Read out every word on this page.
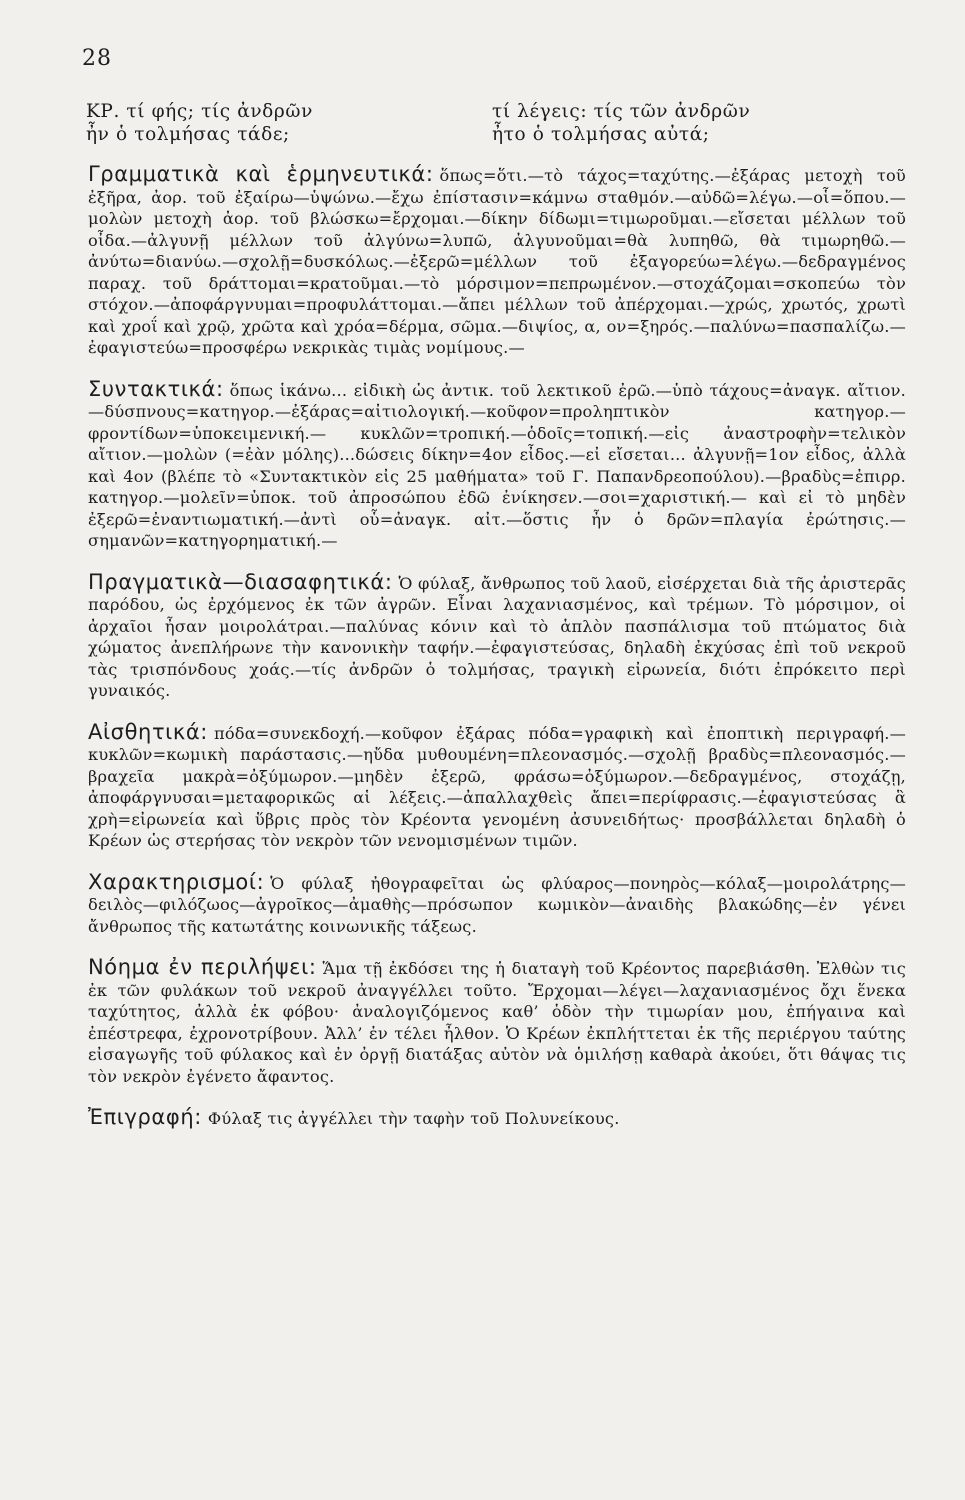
28
ΚΡ. τί φής; τίς ἀνδρῶν
ἦν ὁ τολμήσας τάδε;
τί λέγεις: τίς τῶν ἀνδρῶν
ἦτο ὁ τολμήσας αὐτά;

Γραμματικὰ καὶ ἑρμηνευτικά: ὅπως=ὅτι.—τὸ τάχος=ταχύτης.—ἐξάρας μετοχὴ τοῦ ἐξῆρα, ἀορ. τοῦ ἐξαίρω—ὑψώνω.—ἔχω ἐπίστασιν=κάμνω σταθμόν.—αὐδῶ=λέγω.—οἷ=ὅπου.—μολὼν μετοχὴ ἀορ. τοῦ βλώσκω=ἔρχομαι.—δίκην δίδωμι=τιμωροῦμαι.—εἴσεται μέλλων τοῦ οἶδα.—ἀλγυνῇ μέλλων τοῦ ἀλγύνω=λυπῶ, ἀλγυνοῦμαι=θὰ λυπηθῶ, θὰ τιμωρηθῶ.—ἀνύτω=διανύω.—σχολῇ=δυσκόλως.—ἐξερῶ=μέλλων τοῦ ἐξαγορεύω=λέγω.—δεδραγμένος παραχ. τοῦ δράττομαι=κρατοῦμαι.—τὸ μόρσιμον=πεπρωμένον.—στοχάζομαι=σκοπεύω τὸν στόχον.—ἀποφάργνυμαι=προφυλάττομαι.—ἄπει μέλλων τοῦ ἀπέρχομαι.—χρώς, χρωτός, χρωτὶ καὶ χροΐ καὶ χρῷ, χρῶτα καὶ χρόα=δέρμα, σῶμα.—διψίος, α, ον=ξηρός.—παλύνω=πασπαλίζω.—ἐφαγιστεύω=προσφέρω νεκρικὰς τιμὰς νομίμους.—

Συντακτικά: ὅπως ἱκάνω... εἰδικὴ ὡς ἀντικ. τοῦ λεκτικοῦ ἐρῶ.—ὑπὸ τάχους=ἀναγκ. αἴτιον.—δύσπνους=κατηγορ.—ἐξάρας=αἰτιολογική.—κοῦφον=προληπτικὸν κατηγορ.— φροντίδων=ὑποκειμενική.— κυκλῶν=τροπική.—ὁδοῖς=τοπική.—εἰς ἀναστροφὴν=τελικὸν αἴτιον.—μολὼν (=ἐὰν μόλης)...δώσεις δίκην=4ον εἶδος.—εἰ εἴσεται... ἀλγυνῇ=1ον εἶδος, ἀλλὰ καὶ 4ον (βλέπε τὸ «Συντακτικὸν εἰς 25 μαθήματα» τοῦ Γ. Παπανδρεοπούλου).—βραδὺς=ἐπιρρ. κατηγορ.—μολεῖν=ὑποκ. τοῦ ἀπροσώπου ἐδῶ ἐνίκησεν.—σοι=χαριστική.— καὶ εἰ τὸ μηδὲν ἐξερῶ=ἐναντιωματική.—ἀντὶ οὗ=ἀναγκ. αἰτ.—ὅστις ἦν ὁ δρῶν=πλαγία ἐρώτησις.—σημανῶν=κατηγορηματική.—

Πραγματικὰ—διασαφητικά: Ὁ φύλαξ, ἄνθρωπος τοῦ λαοῦ, εἰσέρχεται διὰ τῆς ἀριστερᾶς παρόδου, ὡς ἐρχόμενος ἐκ τῶν ἀγρῶν. Εἶναι λαχανιασμένος, καὶ τρέμων. Τὸ μόρσιμον, οἱ ἀρχαῖοι ἦσαν μοιρολάτραι.—παλύνας κόνιν καὶ τὸ ἁπλὸν πασπάλισμα τοῦ πτώματος διὰ χώματος ἀνεπλήρωνε τὴν κανονικὴν ταφήν.—ἐφαγιστεύσας, δηλαδὴ ἐκχύσας ἐπὶ τοῦ νεκροῦ τὰς τρισπόνδους χοάς.—τίς ἀνδρῶν ὁ τολμήσας, τραγικὴ εἰρωνεία, διότι ἐπρόκειτο περὶ γυναικός.

Αἰσθητικά: πόδα=συνεκδοχή.—κοῦφον ἐξάρας πόδα=γραφικὴ καὶ ἐποπτικὴ περιγραφή.—κυκλῶν=κωμικὴ παράστασις.—ηὔδα μυθουμένη=πλεονασμός.—σχολῇ βραδὺς=πλεονασμός.—βραχεῖα μακρὰ=ὀξύμωρον.—μηδὲν ἐξερῶ, φράσω=ὀξύμωρον.—δεδραγμένος, στοχάζῃ, ἀποφάργνυσαι=μεταφορικῶς αἱ λέξεις.—ἀπαλλαχθεὶς ἄπει=περίφρασις.—ἐφαγιστεύσας ἃ χρὴ=εἰρωνεία καὶ ὕβρις πρὸς τὸν Κρέοντα γενομένη ἀσυνειδήτως· προσβάλλεται δηλαδὴ ὁ Κρέων ὡς στερήσας τὸν νεκρὸν τῶν νενομισμένων τιμῶν.

Χαρακτηρισμοί: Ὁ φύλαξ ἠθογραφεῖται ὡς φλύαρος—πονηρὸς—κόλαξ—μοιρολάτρης—δειλὸς—φιλόζωος—ἀγροῖκος—ἀμαθὴς—πρόσωπον κωμικὸν—ἀναιδὴς βλακώδης—ἐν γένει ἄνθρωπος τῆς κατωτάτης κοινωνικῆς τάξεως.

Νόημα ἐν περιλήψει: Ἅμα τῇ ἐκδόσει της ἡ διαταγὴ τοῦ Κρέοντος παρεβιάσθη. Ἐλθὼν τις ἐκ τῶν φυλάκων τοῦ νεκροῦ ἀναγγέλλει τοῦτο. Ἔρχομαι—λέγει—λαχανιασμένος ὄχι ἕνεκα ταχύτητος, ἀλλὰ ἐκ φόβου· ἀναλογιζόμενος καθ’ ὁδὸν τὴν τιμωρίαν μου, ἐπήγαινα καὶ ἐπέστρεφα, ἐχρονοτρίβουν. Ἀλλ’ ἐν τέλει ἦλθον. Ὁ Κρέων ἐκπλήττεται ἐκ τῆς περιέργου ταύτης εἰσαγωγῆς τοῦ φύλακος καὶ ἐν ὀργῇ διατάξας αὐτὸν νὰ ὁμιλήσῃ καθαρὰ ἀκούει, ὅτι θάψας τις τὸν νεκρὸν ἐγένετο ἄφαντος.

Ἐπιγραφή: Φύλαξ τις ἀγγέλλει τὴν ταφὴν τοῦ Πολυνείκους.
